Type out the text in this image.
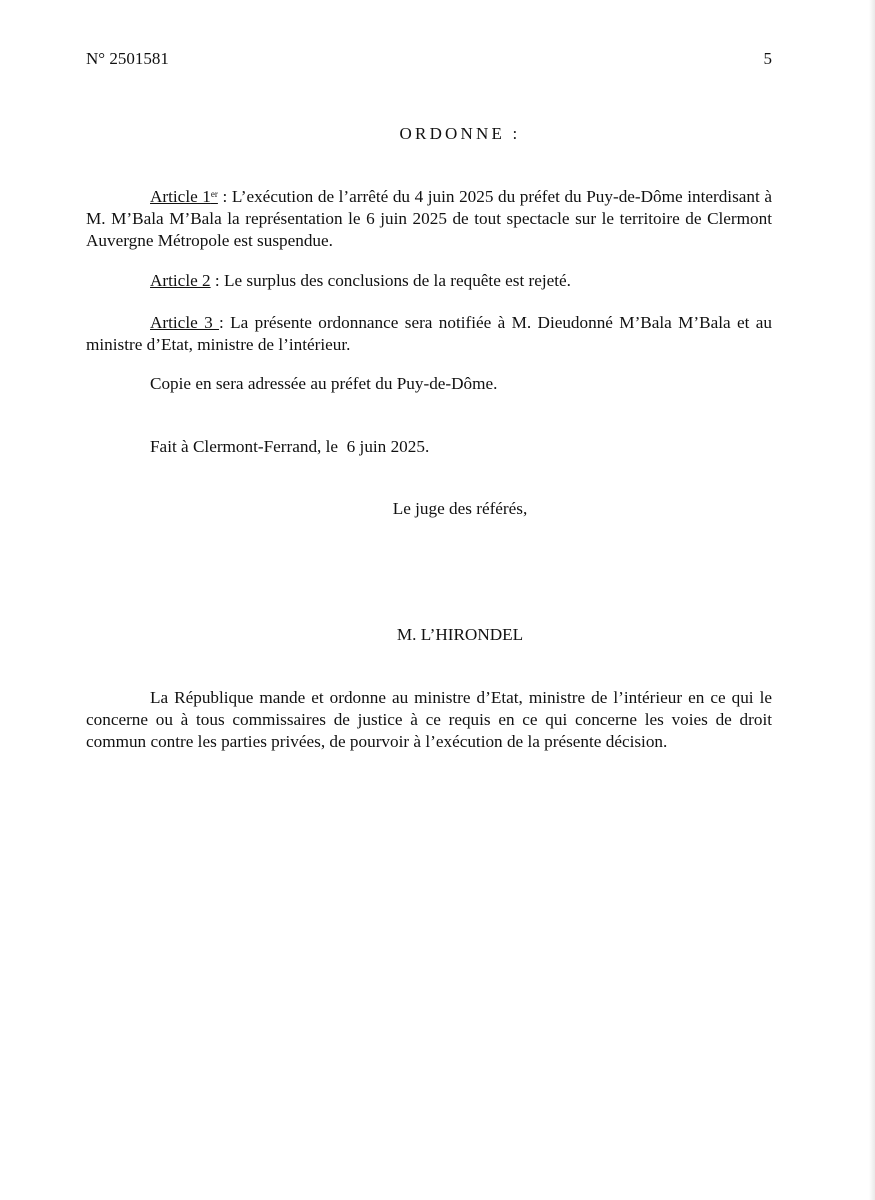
N° 2501581	5
ORDONNE :
Article 1er : L’exécution de l’arrêté du 4 juin 2025 du préfet du Puy-de-Dôme interdisant à M. M’Bala M’Bala la représentation le 6 juin 2025 de tout spectacle sur le territoire de Clermont Auvergne Métropole est suspendue.
Article 2 : Le surplus des conclusions de la requête est rejeté.
Article 3 : La présente ordonnance sera notifiée à M. Dieudonné M’Bala M’Bala et au ministre d’Etat, ministre de l’intérieur.
Copie en sera adressée au préfet du Puy-de-Dôme.
Fait à Clermont-Ferrand, le  6 juin 2025.
Le juge des référés,
M. L’HIRONDEL
La République mande et ordonne au ministre d’Etat, ministre de l’intérieur en ce qui le concerne ou à tous commissaires de justice à ce requis en ce qui concerne les voies de droit commun contre les parties privées, de pourvoir à l’exécution de la présente décision.
